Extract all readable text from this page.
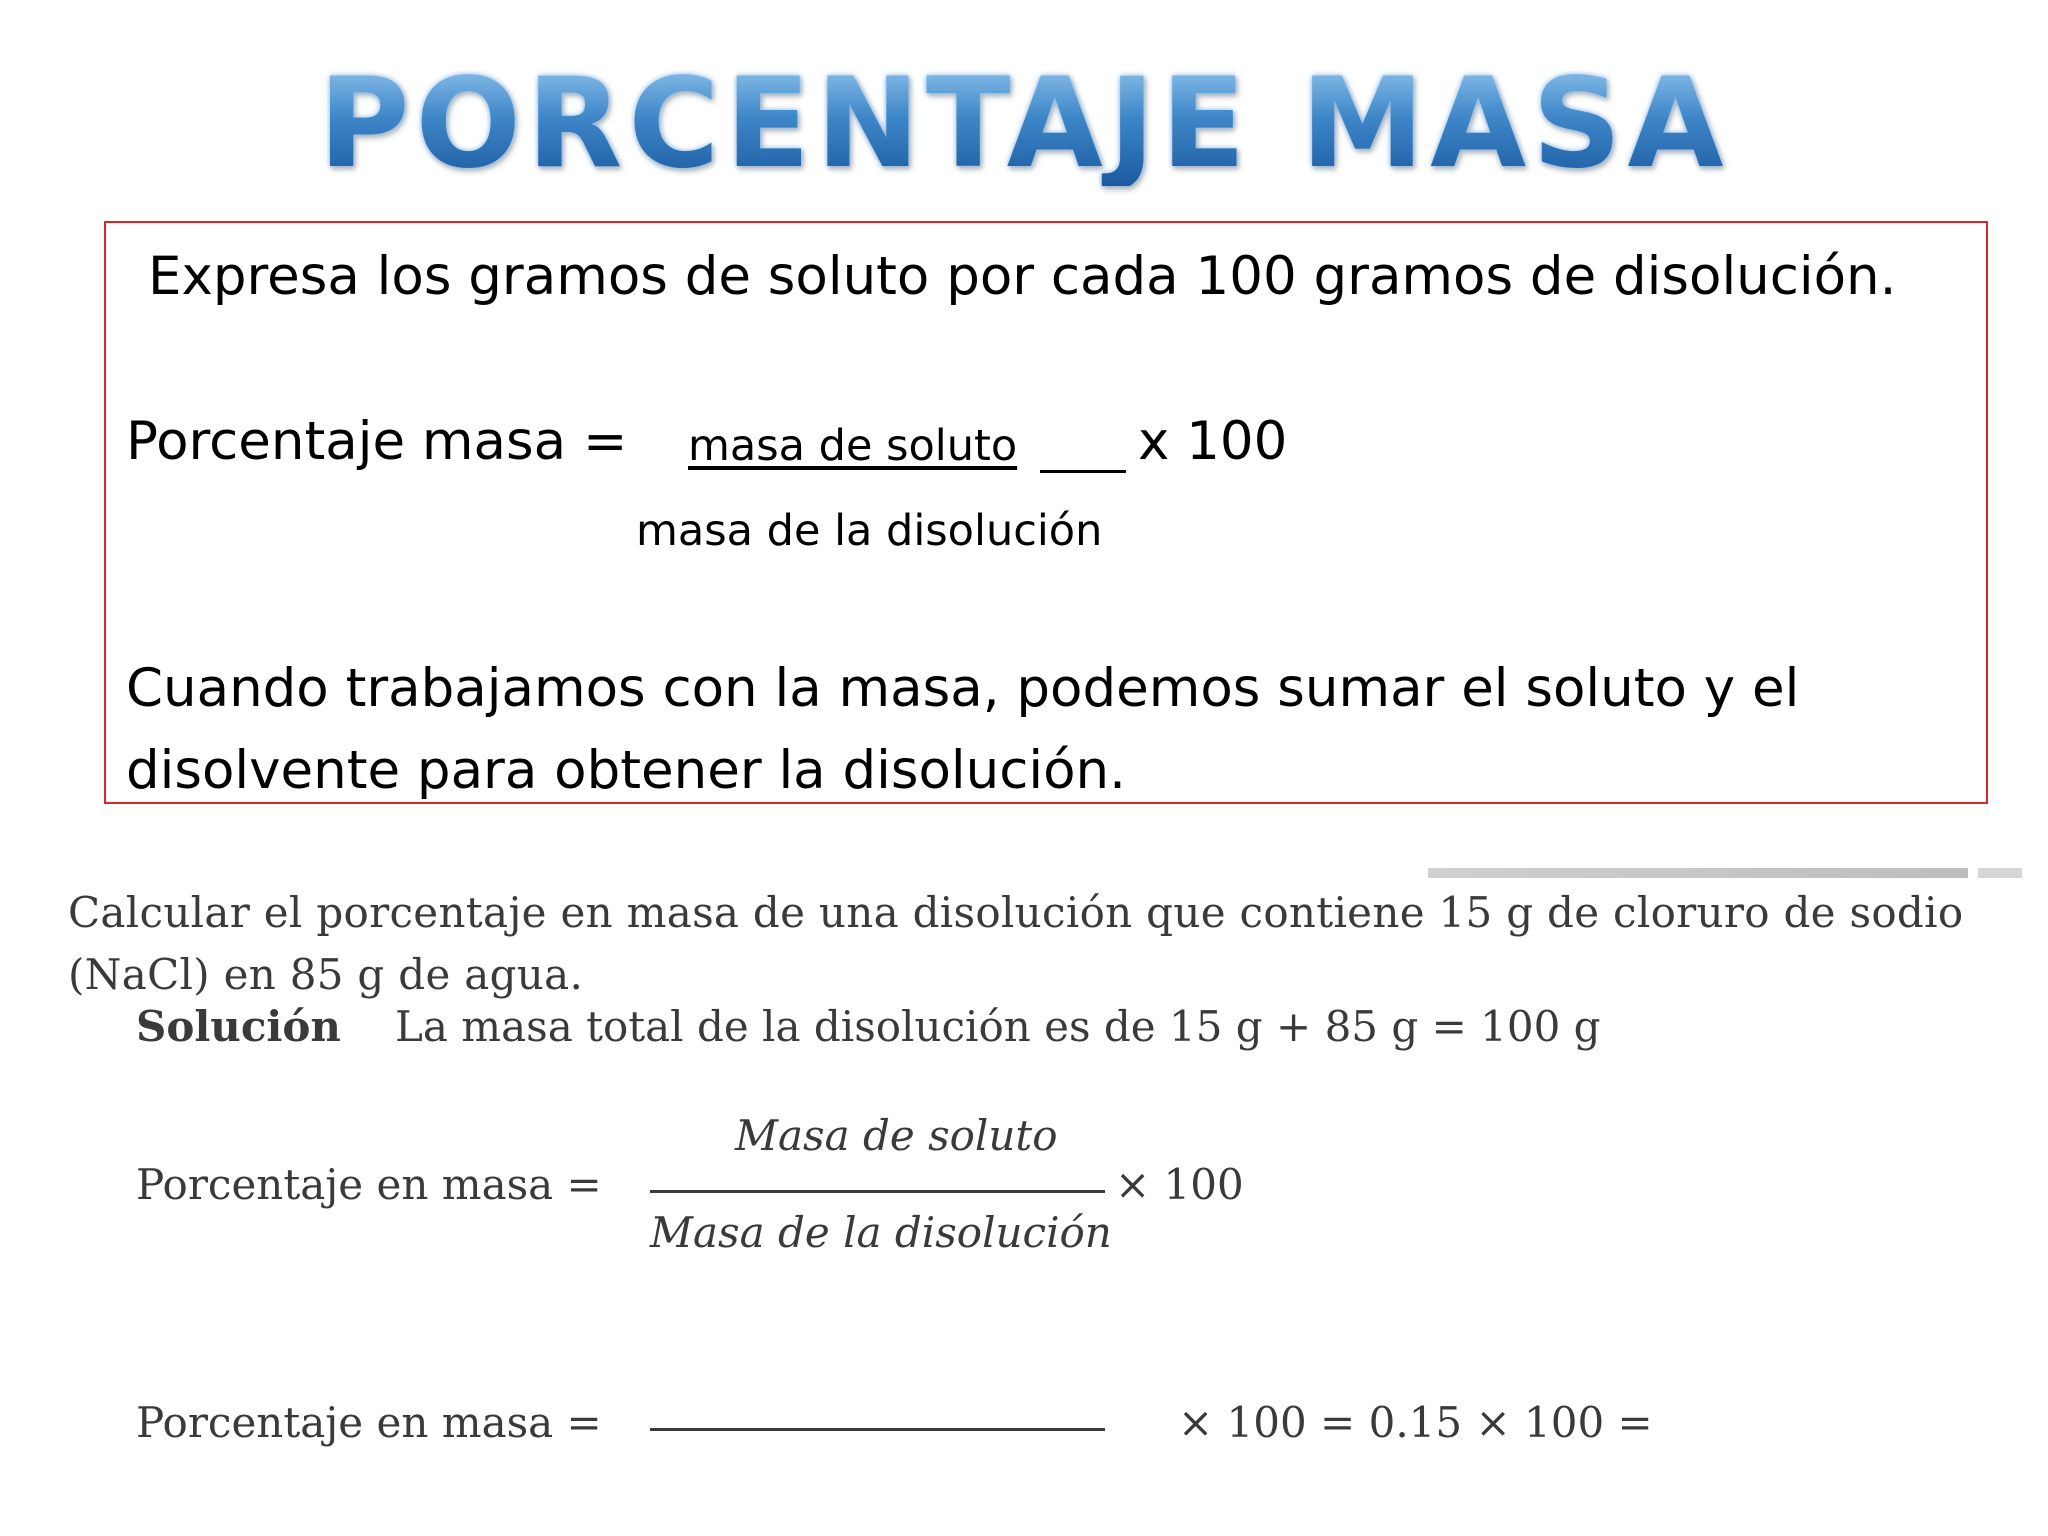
PORCENTAJE MASA
Expresa los gramos de soluto por cada 100 gramos de disolución.
Porcentaje masa = masa de soluto x 100
masa de la disolución
Cuando trabajamos con la masa, podemos sumar el soluto y el disolvente para obtener la disolución.
Calcular el porcentaje en masa de una disolución que contiene 15 g de cloruro de sodio (NaCl) en 85 g de agua.
Solución La masa total de la disolución es de 15 g + 85 g = 100 g
Porcentaje en masa =
Masa de soluto
Masa de la disolución
× 100
Porcentaje en masa =	× 100 = 0.15 × 100 =
